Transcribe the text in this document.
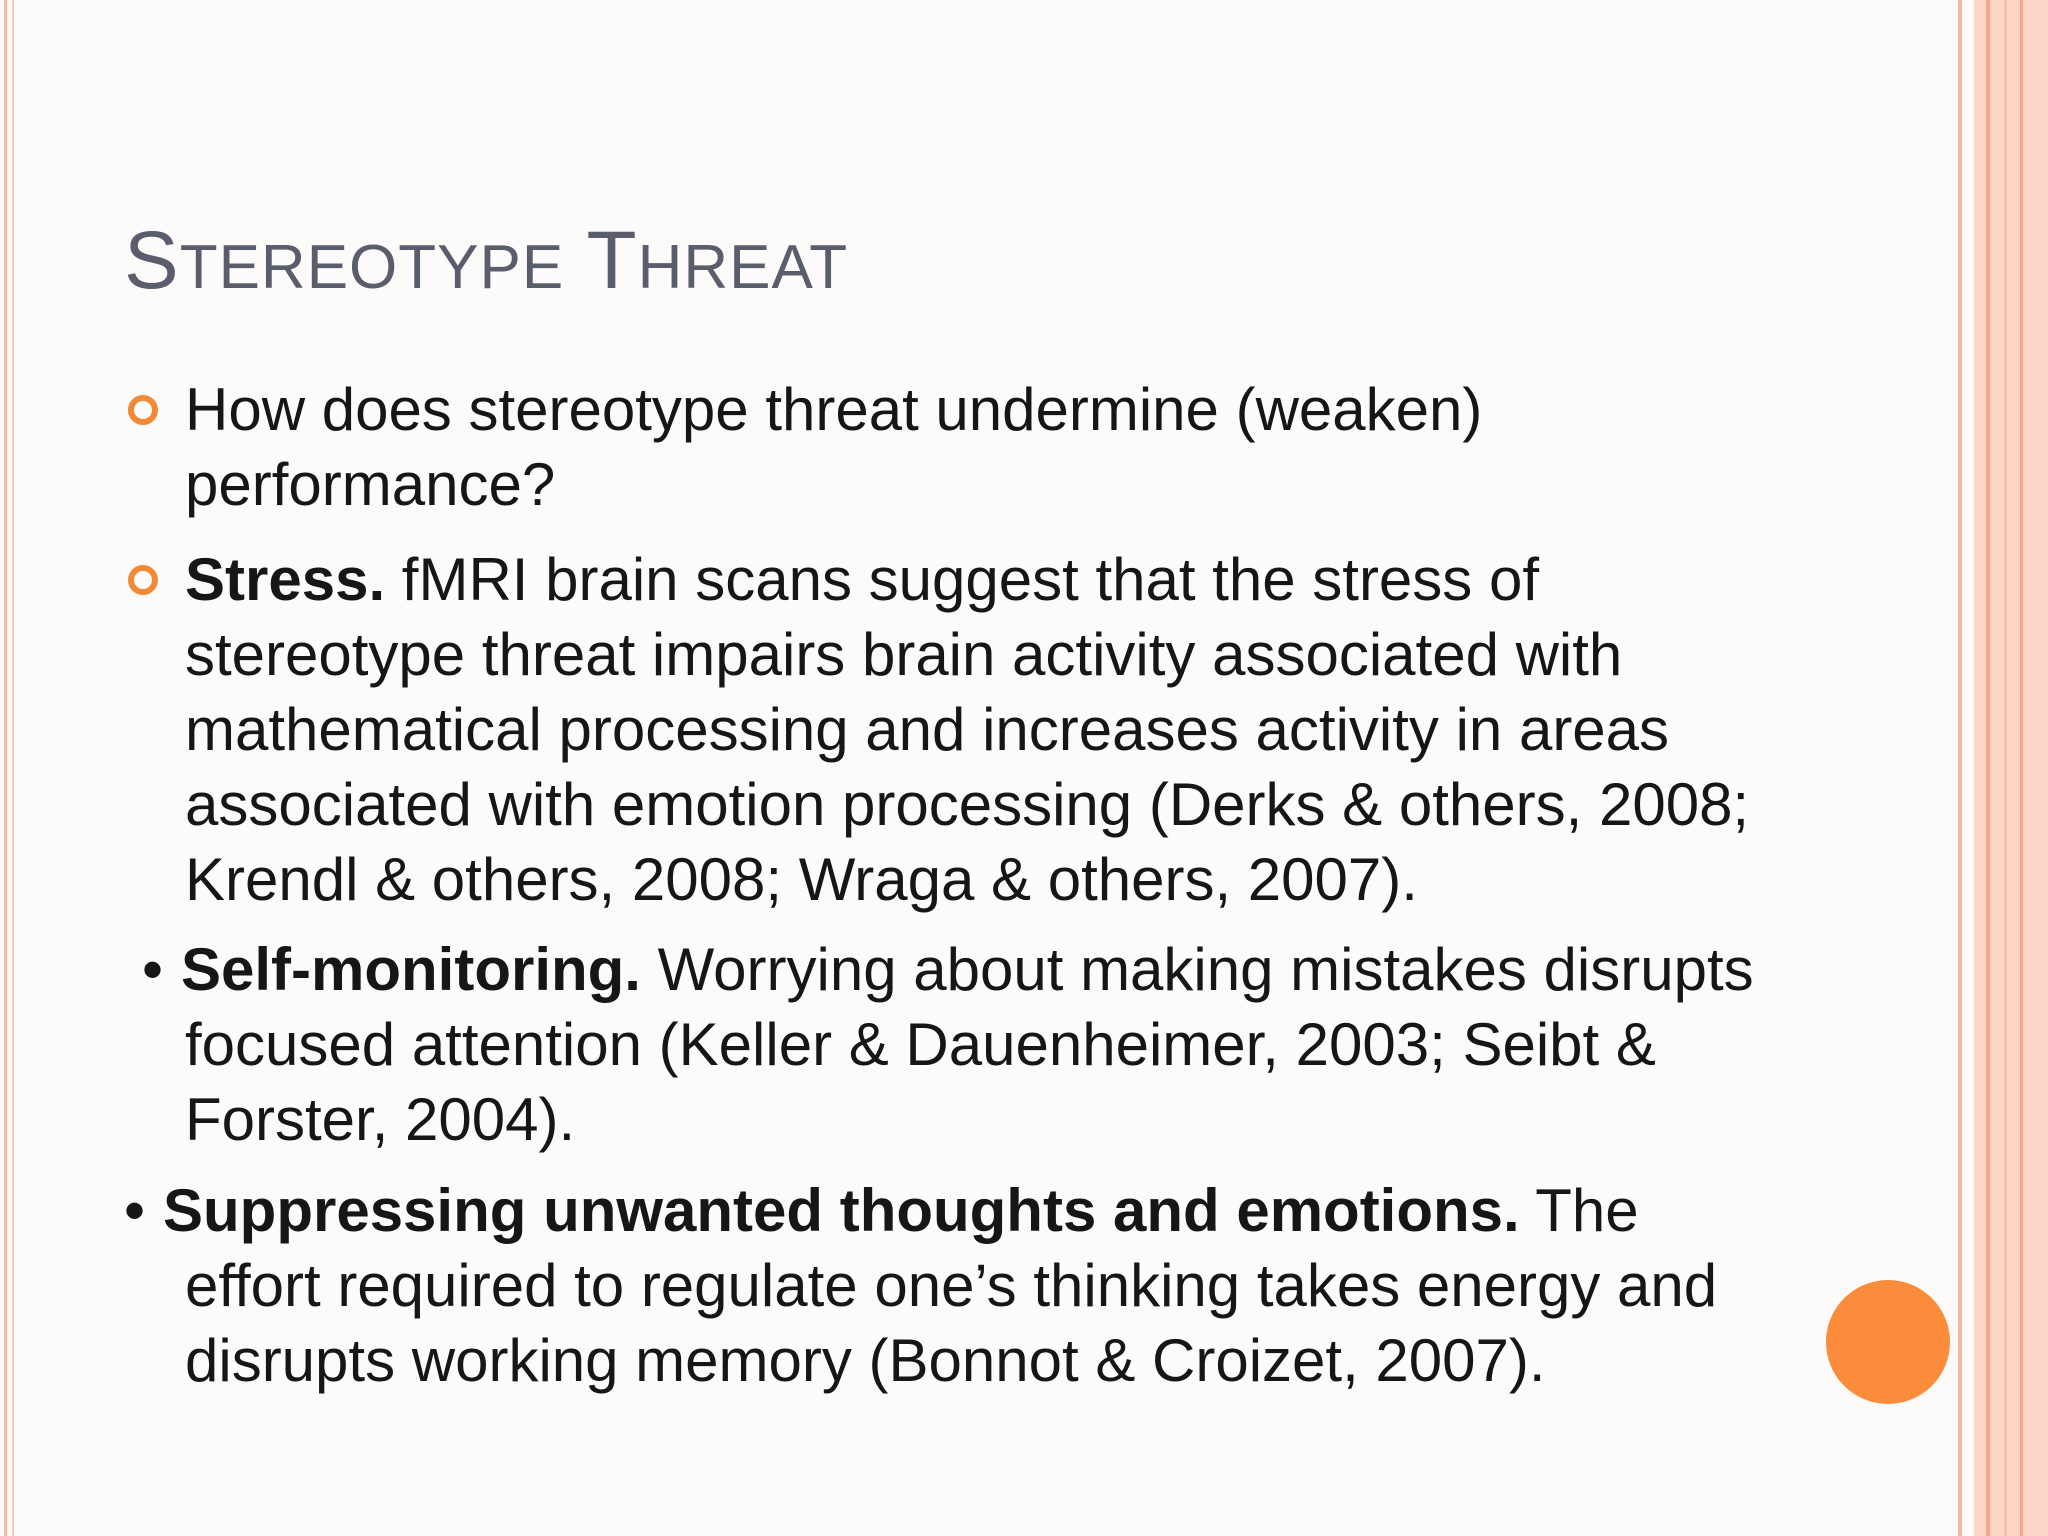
STEREOTYPE THREAT
How does stereotype threat undermine (weaken) performance?
Stress. fMRI brain scans suggest that the stress of stereotype threat impairs brain activity associated with mathematical processing and increases activity in areas associated with emotion processing (Derks & others, 2008; Krendl & others, 2008; Wraga & others, 2007).
• Self-monitoring. Worrying about making mistakes disrupts focused attention (Keller & Dauenheimer, 2003; Seibt & Forster, 2004).
• Suppressing unwanted thoughts and emotions. The effort required to regulate one’s thinking takes energy and disrupts working memory (Bonnot & Croizet, 2007).
